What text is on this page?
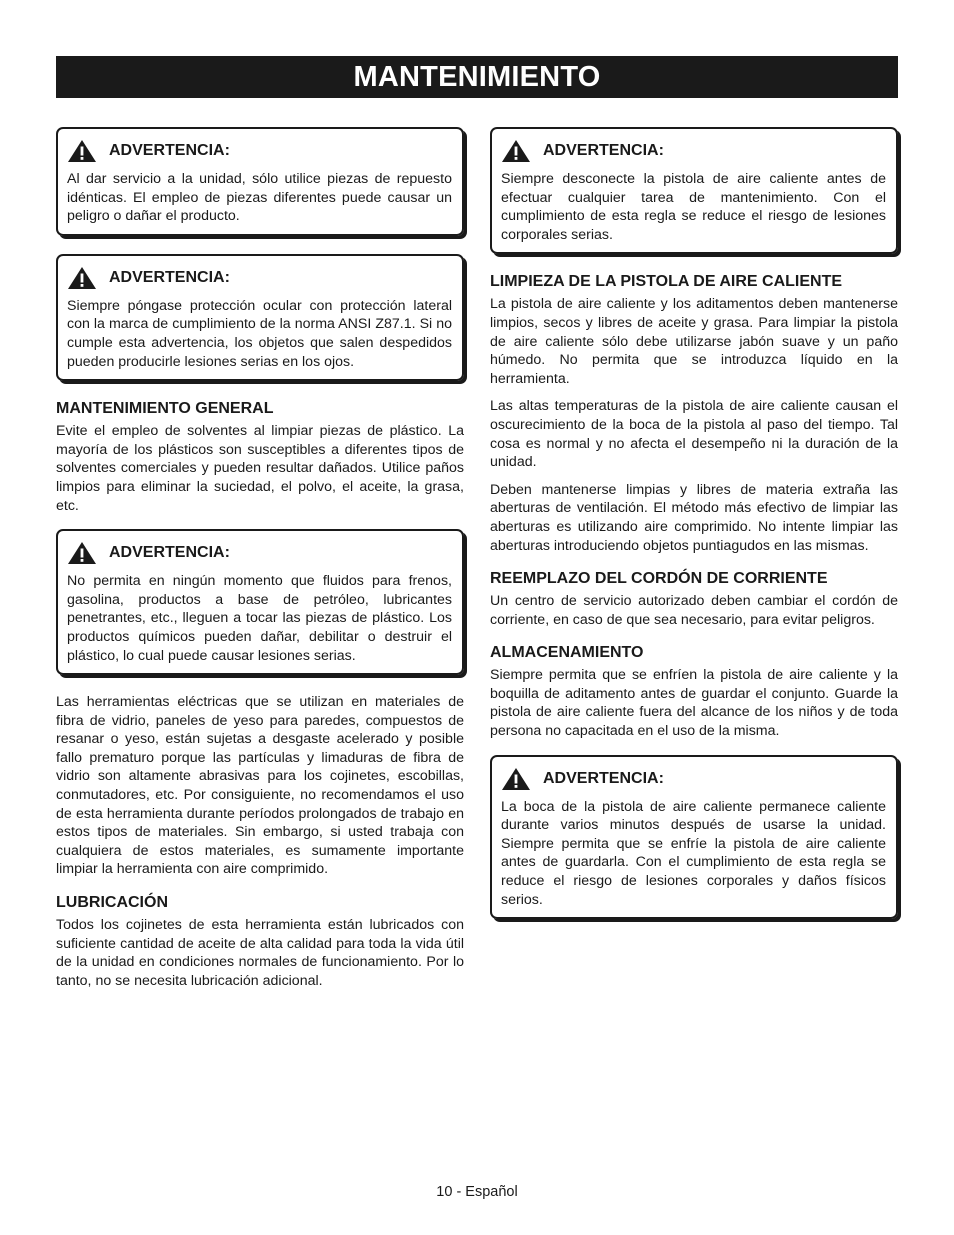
MANTENIMIENTO
ADVERTENCIA:
Al dar servicio a la unidad, sólo utilice piezas de repuesto idénticas. El empleo de piezas diferentes puede causar un peligro o dañar el producto.
ADVERTENCIA:
Siempre póngase protección ocular con protección lateral con la marca de cumplimiento de la norma ANSI Z87.1. Si no cumple esta advertencia, los objetos que salen despedidos pueden producirle lesiones serias en los ojos.
MANTENIMIENTO GENERAL

Evite el empleo de solventes al limpiar piezas de plástico. La mayoría de los plásticos son susceptibles a diferentes tipos de solventes comerciales y pueden resultar dañados. Utilice paños limpios para eliminar la suciedad, el polvo, el aceite, la grasa, etc.

ADVERTENCIA:
No permita en ningún momento que fluidos para frenos, gasolina, productos a base de petróleo, lubricantes penetrantes, etc., lleguen a tocar las piezas de plástico. Los productos químicos pueden dañar, debilitar o destruir el plástico, lo cual puede causar lesiones serias.

Las herramientas eléctricas que se utilizan en materiales de fibra de vidrio, paneles de yeso para paredes, compuestos de resanar o yeso, están sujetas a desgaste acelerado y posible fallo prematuro porque las partículas y limaduras de fibra de vidrio son altamente abrasivas para los cojinetes, escobillas, conmutadores, etc. Por consiguiente, no recomendamos el uso de esta herramienta durante períodos prolongados de trabajo en estos tipos de materiales. Sin embargo, si usted trabaja con cualquiera de estos materiales, es sumamente importante limpiar la herramienta con aire comprimido.

LUBRICACIÓN

Todos los cojinetes de esta herramienta están lubricados con suficiente cantidad de aceite de alta calidad para toda la vida útil de la unidad en condiciones normales de funcionamiento. Por lo tanto, no se necesita lubricación adicional.

ADVERTENCIA:
Siempre desconecte la pistola de aire caliente antes de efectuar cualquier tarea de mantenimiento. Con el cumplimiento de esta regla se reduce el riesgo de lesiones corporales serias.
LIMPIEZA DE LA PISTOLA DE AIRE CALIENTE

La pistola de aire caliente y los aditamentos deben mantenerse limpios, secos y libres de aceite y grasa. Para limpiar la pistola de aire caliente sólo debe utilizarse jabón suave y un paño húmedo. No permita que se introduzca líquido en la herramienta.

Las altas temperaturas de la pistola de aire caliente causan el oscurecimiento de la boca de la pistola al paso del tiempo. Tal cosa es normal y no afecta el desempeño ni la duración de la unidad.

Deben mantenerse limpias y libres de materia extraña las aberturas de ventilación. El método más efectivo de limpiar las aberturas es utilizando aire comprimido. No intente limpiar las aberturas introduciendo objetos puntiagudos en las mismas.

REEMPLAZO DEL CORDÓN DE CORRIENTE

Un centro de servicio autorizado deben cambiar el cordón de corriente, en caso de que sea necesario, para evitar peligros.

ALMACENAMIENTO

Siempre permita que se enfríen la pistola de aire caliente y la boquilla de aditamento antes de guardar el conjunto. Guarde la pistola de aire caliente fuera del alcance de los niños y de toda persona no capacitada en el uso de la misma.

ADVERTENCIA:
La boca de la pistola de aire caliente permanece caliente durante varios minutos después de usarse la unidad. Siempre permita que se enfríe la pistola de aire caliente antes de guardarla. Con el cumplimiento de esta regla se reduce el riesgo de lesiones corporales y daños físicos serios.
10 - Español
